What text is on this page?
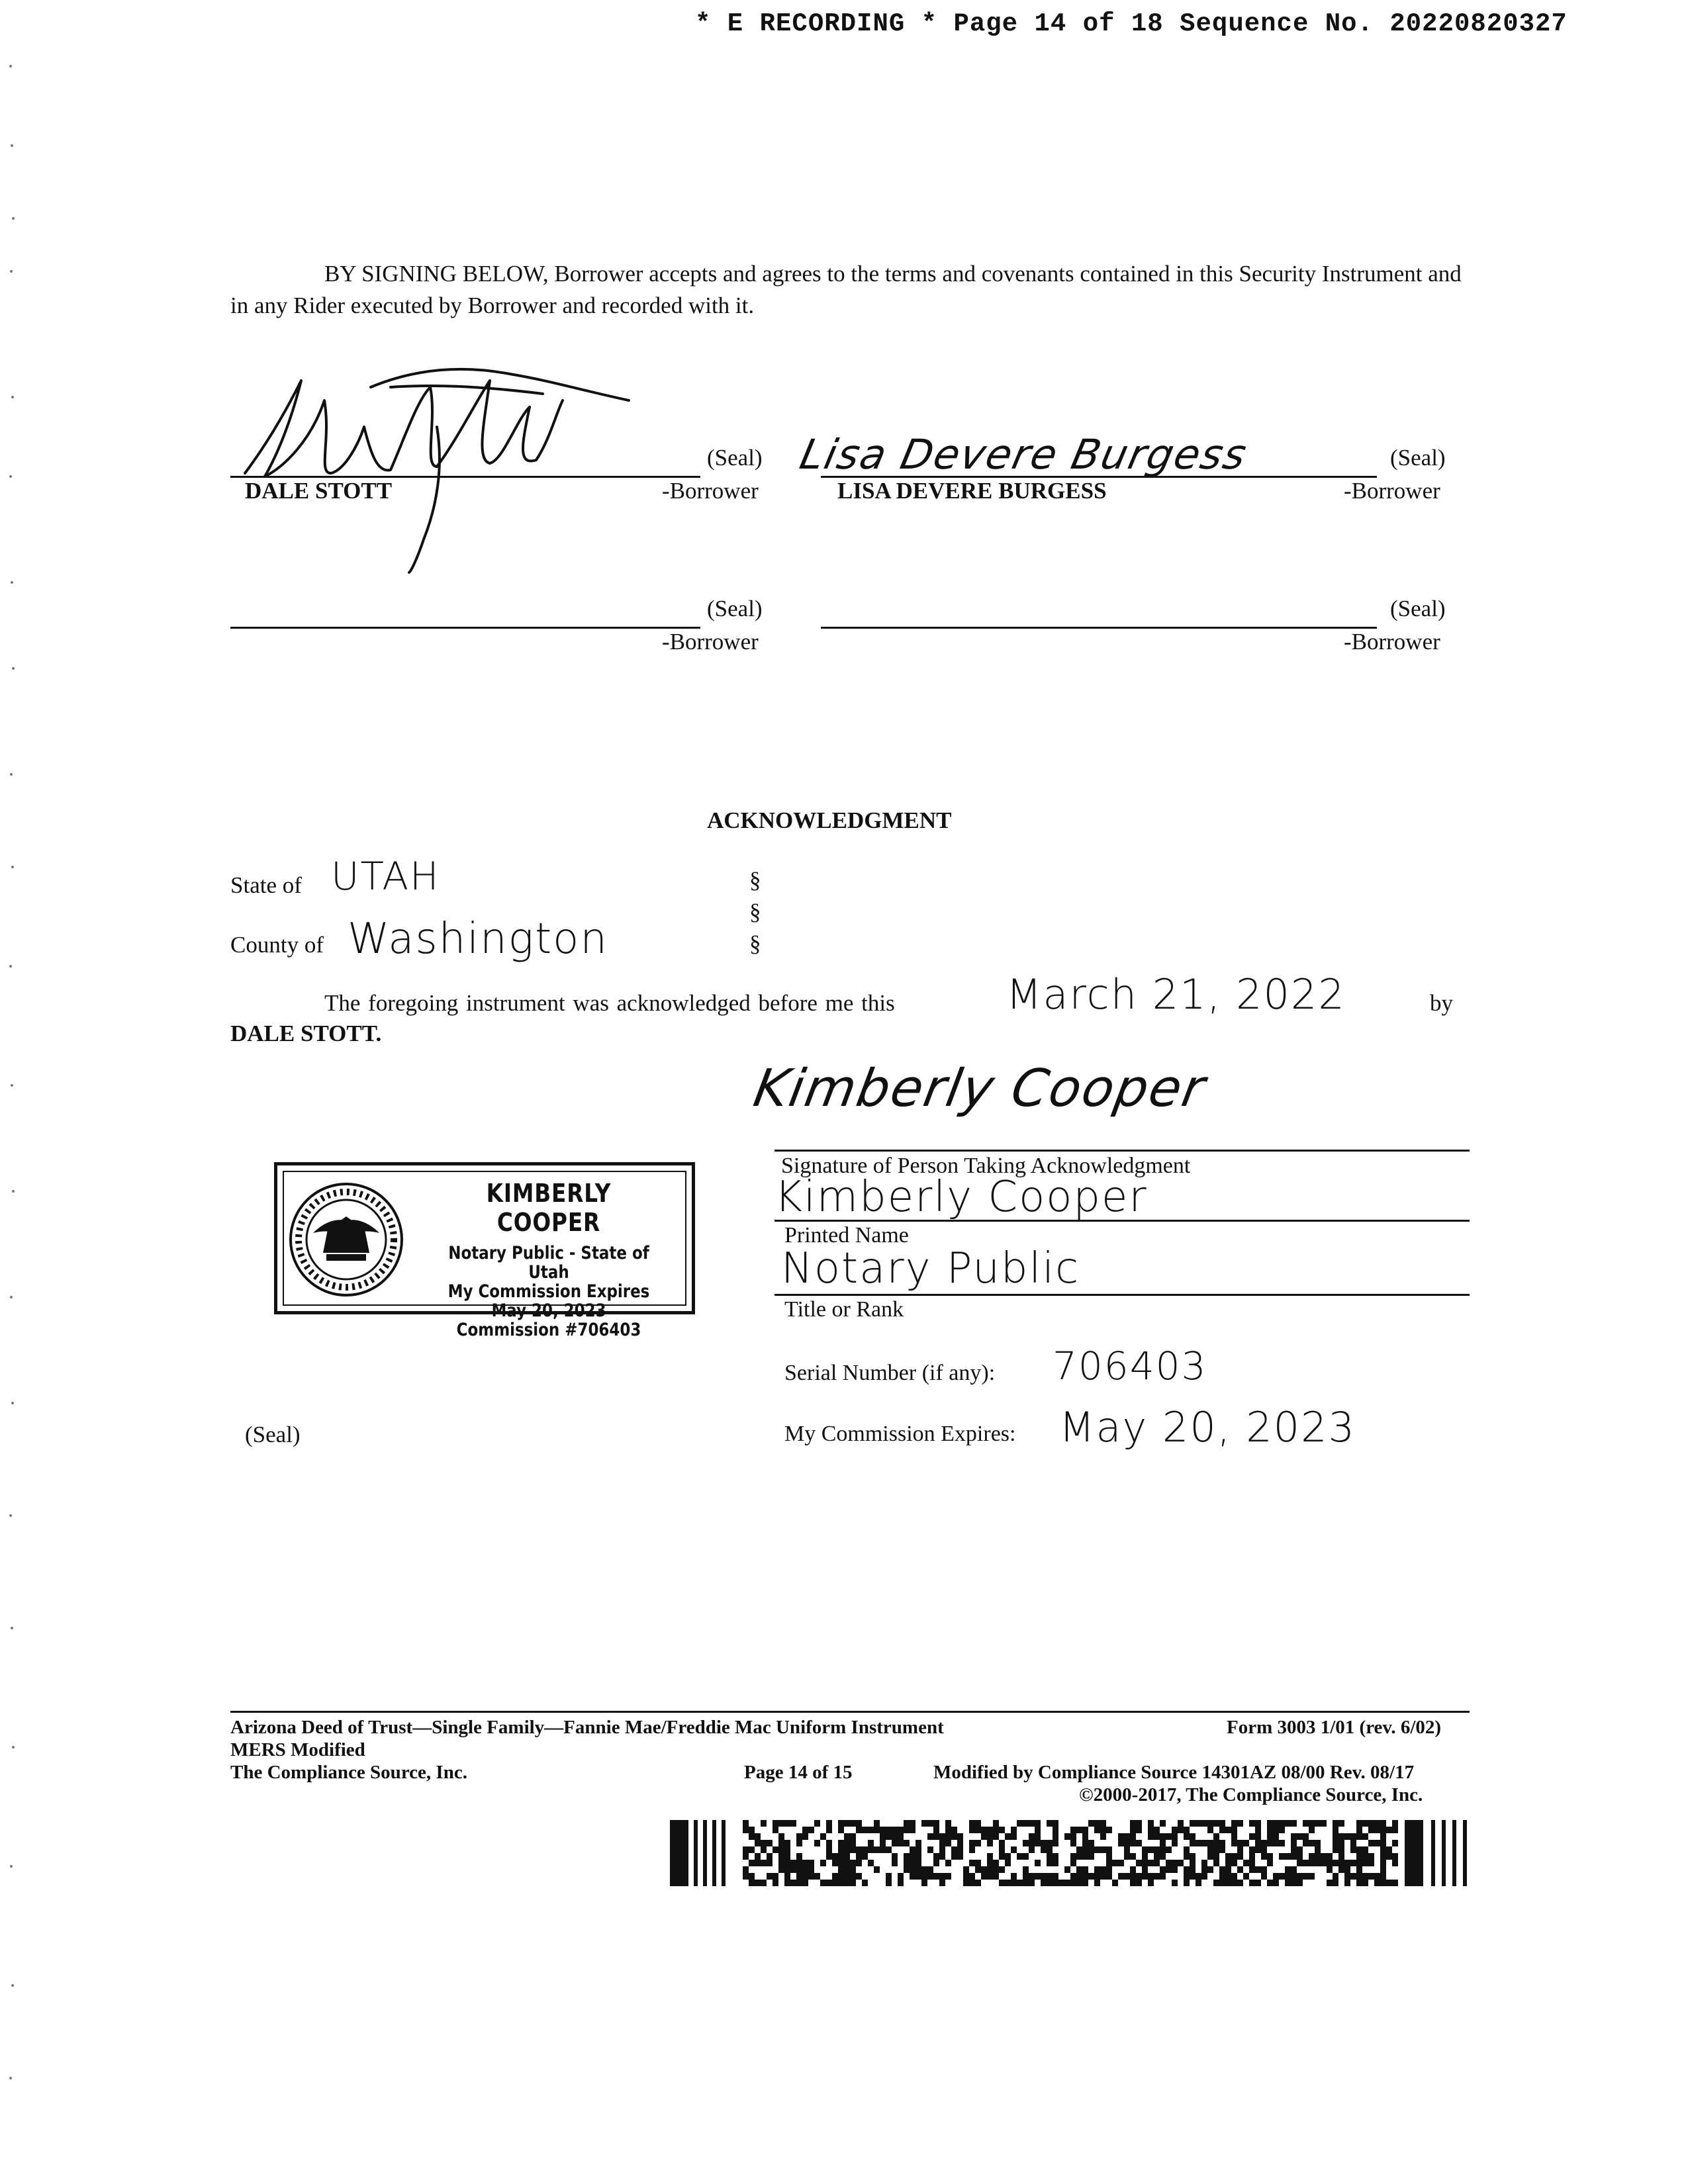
* E RECORDING * Page 14 of 18 Sequence No. 20220820327
BY SIGNING BELOW, Borrower accepts and agrees to the terms and covenants contained in this Security Instrument and in any Rider executed by Borrower and recorded with it.
(Seal)
DALE STOTT	-Borrower
Lisa Devere Burgess	(Seal)
LISA DEVERE BURGESS	-Borrower
(Seal)
-Borrower
(Seal)
-Borrower
ACKNOWLEDGMENT
State of UTAH
County of Washington
§
§
§
The foregoing instrument was acknowledged before me this	March 21, 2022	by
DALE STOTT.
Kimberly Cooper
Signature of Person Taking Acknowledgment
Kimberly Cooper
Printed Name
Notary Public
Title or Rank
Serial Number (if any): 706403
My Commission Expires: May 20, 2023
(Seal)
KIMBERLY COOPER
Notary Public - State of Utah
My Commission Expires
May 20, 2023
Commission #706403
Arizona Deed of Trust—Single Family—Fannie Mae/Freddie Mac Uniform Instrument	Form 3003 1/01 (rev. 6/02)
MERS Modified
The Compliance Source, Inc.	Page 14 of 15	Modified by Compliance Source 14301AZ 08/00 Rev. 08/17
©2000-2017, The Compliance Source, Inc.
